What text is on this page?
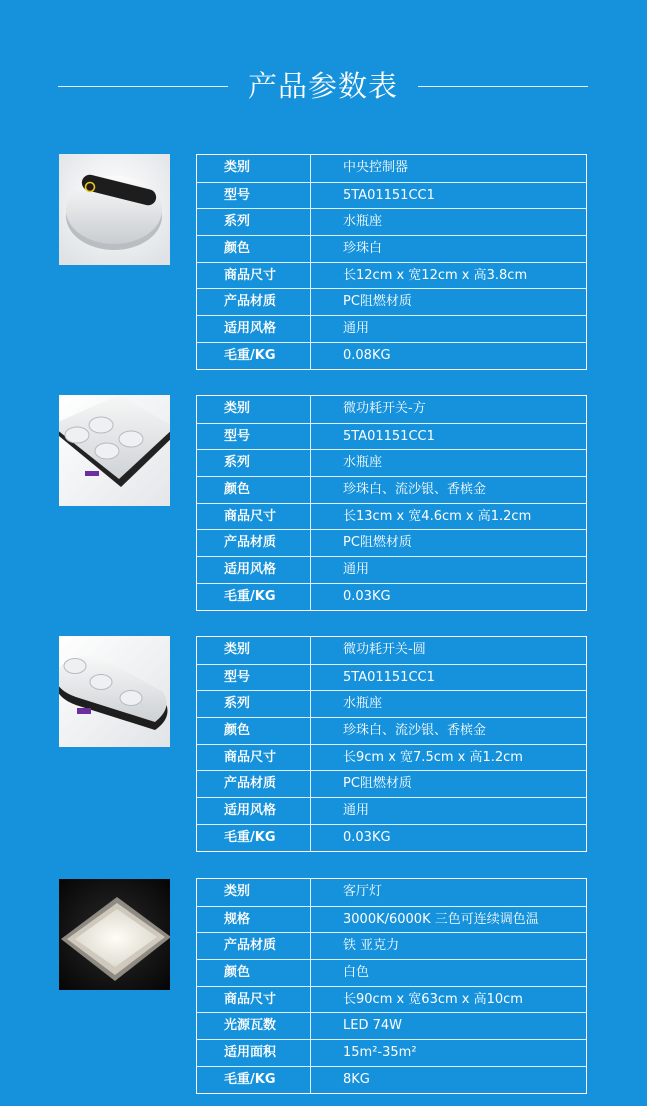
产品参数表
类别	中央控制器
型号	5TA01151CC1
系列	水瓶座
颜色	珍珠白
商品尺寸	长12cm x 宽12cm x 高3.8cm
产品材质	PC阻燃材质
适用风格	通用
毛重/KG	0.08KG
类别	微功耗开关-方
型号	5TA01151CC1
系列	水瓶座
颜色	珍珠白、流沙银、香槟金
商品尺寸	长13cm x 宽4.6cm x 高1.2cm
产品材质	PC阻燃材质
适用风格	通用
毛重/KG	0.03KG
类别	微功耗开关-圆
型号	5TA01151CC1
系列	水瓶座
颜色	珍珠白、流沙银、香槟金
商品尺寸	长9cm x 宽7.5cm x 高1.2cm
产品材质	PC阻燃材质
适用风格	通用
毛重/KG	0.03KG
类别	客厅灯
规格	3000K/6000K 三色可连续调色温
产品材质	铁 亚克力
颜色	白色
商品尺寸	长90cm x 宽63cm x 高10cm
光源瓦数	LED 74W
适用面积	15m²-35m²
毛重/KG	8KG
